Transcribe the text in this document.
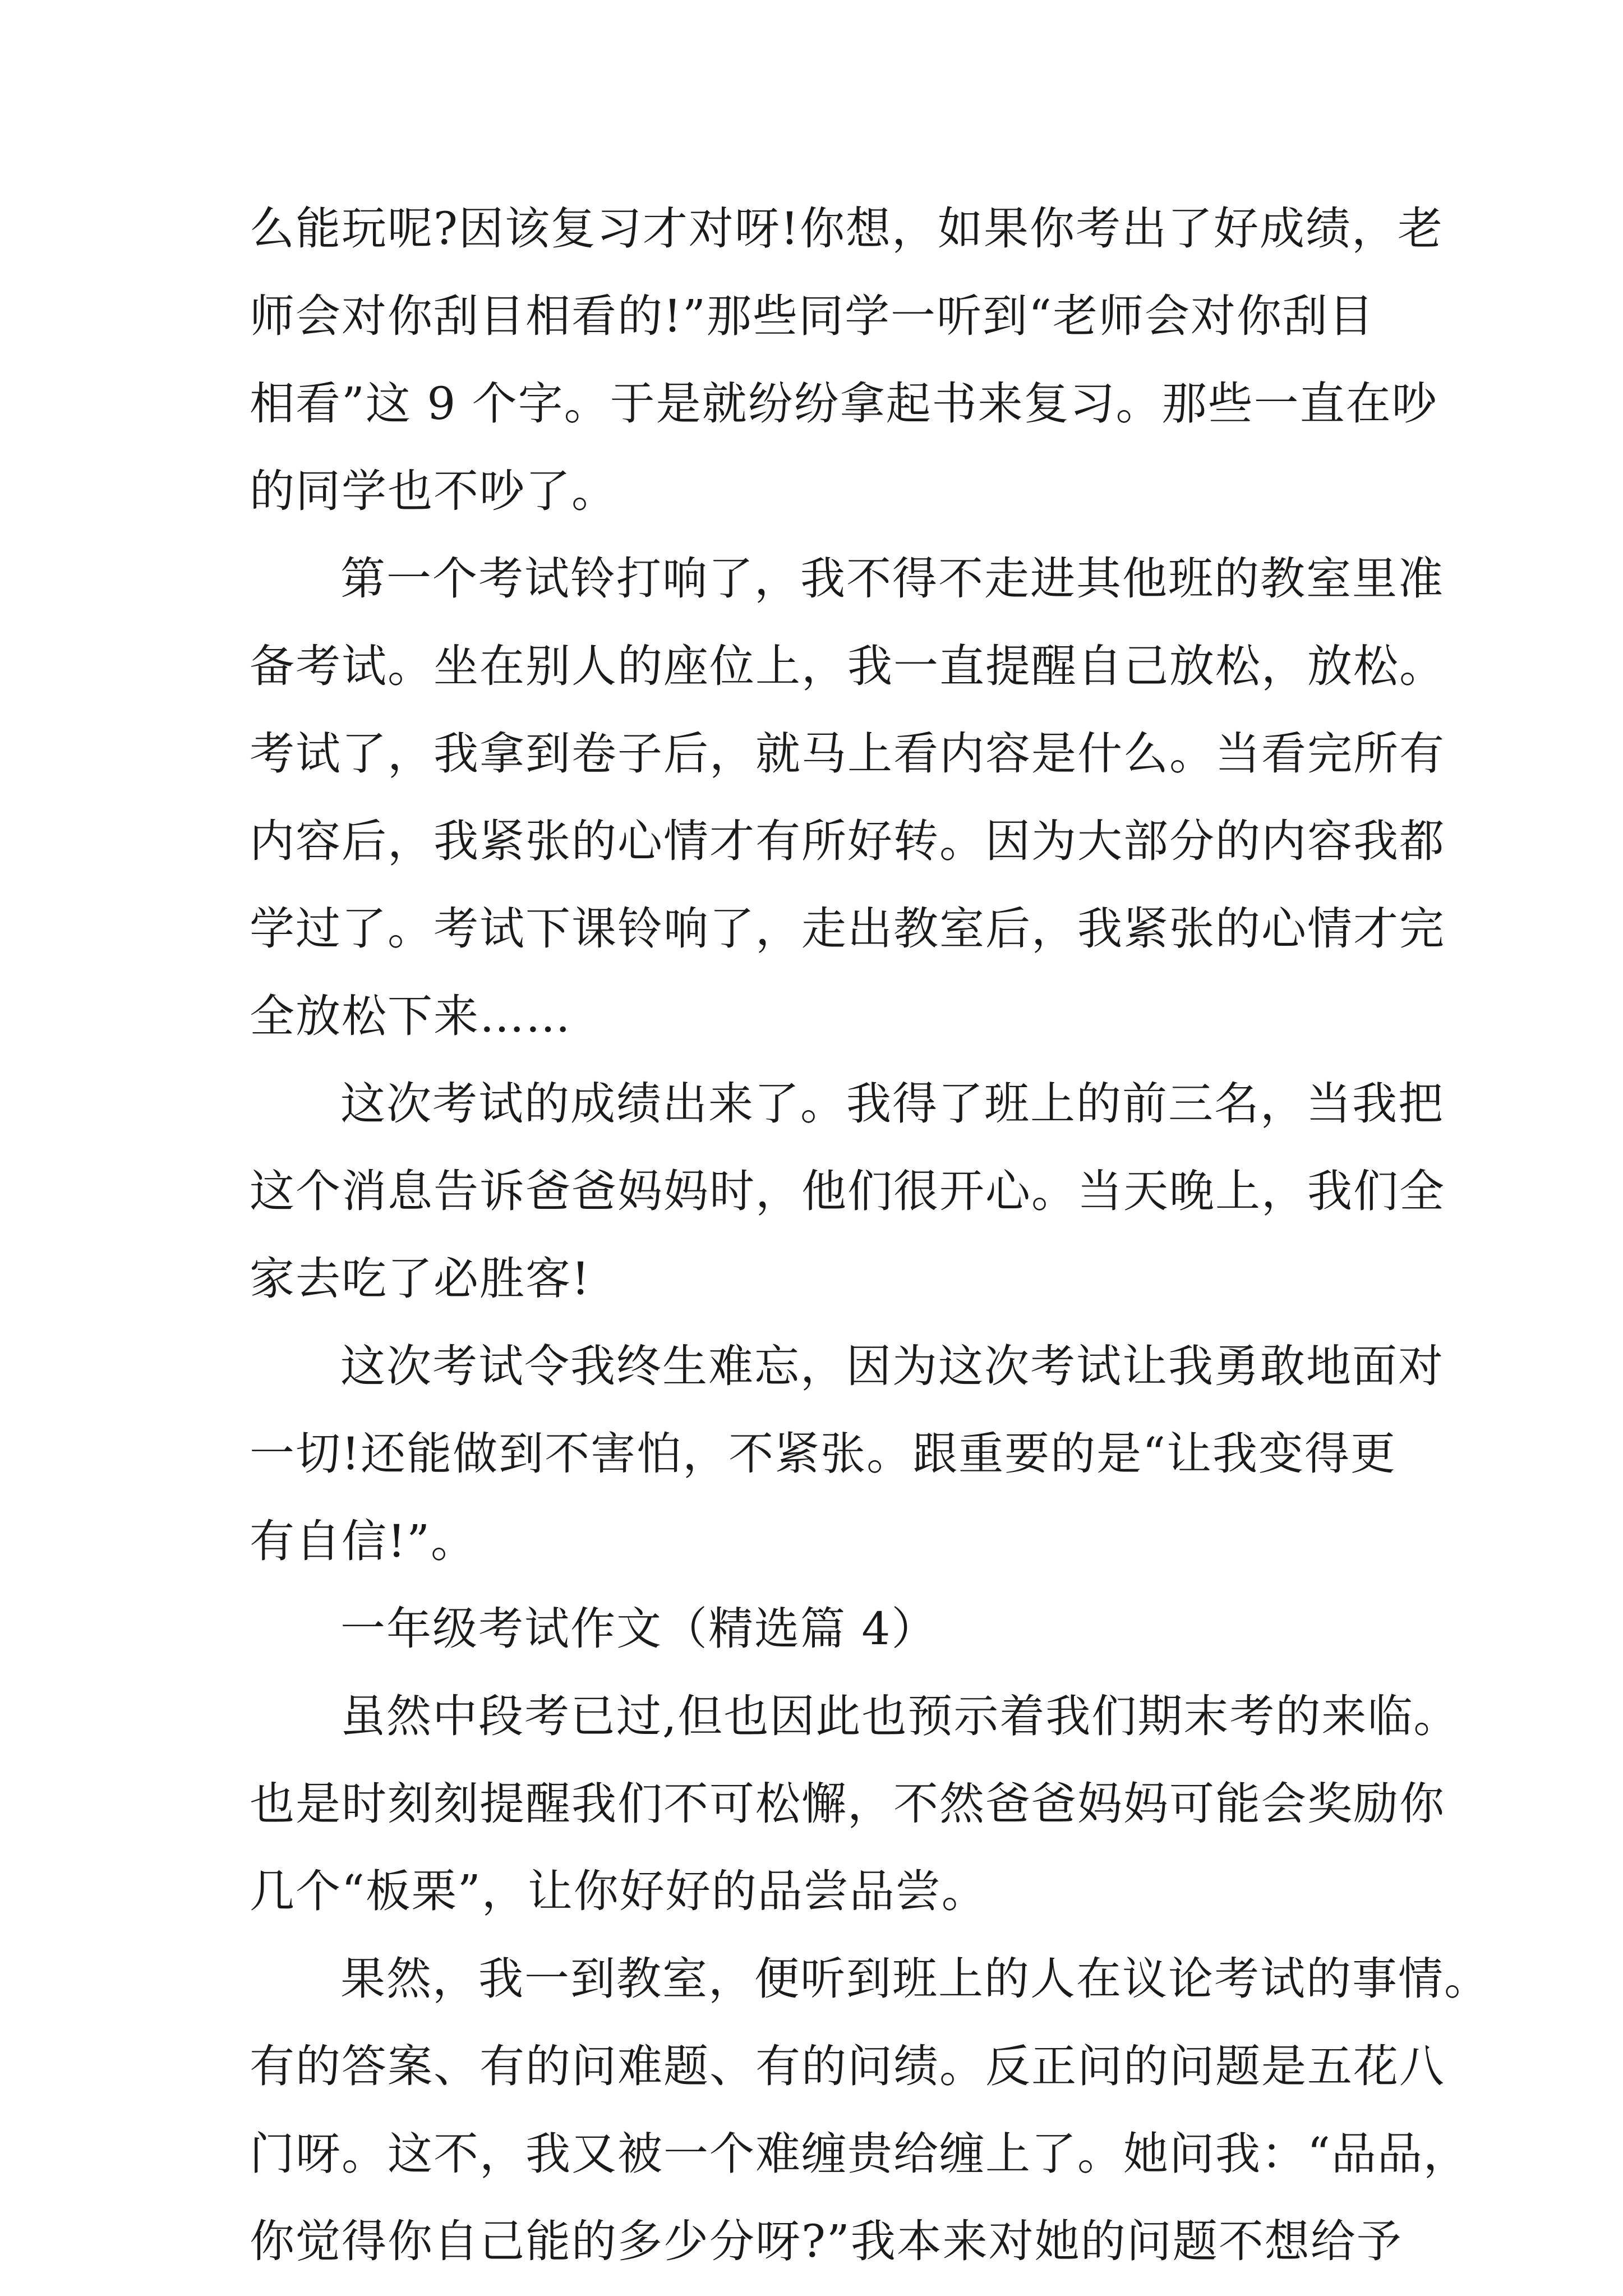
么能玩呢?因该复习才对呀!你想，如果你考出了好成绩，老
师会对你刮目相看的!”那些同学一听到“老师会对你刮目
相看”这 9 个字。于是就纷纷拿起书来复习。那些一直在吵
的同学也不吵了。
第一个考试铃打响了，我不得不走进其他班的教室里准
备考试。坐在别人的座位上，我一直提醒自己放松，放松。
考试了，我拿到卷子后，就马上看内容是什么。当看完所有
内容后，我紧张的心情才有所好转。因为大部分的内容我都
学过了。考试下课铃响了，走出教室后，我紧张的心情才完
全放松下来……
这次考试的成绩出来了。我得了班上的前三名，当我把
这个消息告诉爸爸妈妈时，他们很开心。当天晚上，我们全
家去吃了必胜客!
这次考试令我终生难忘，因为这次考试让我勇敢地面对
一切!还能做到不害怕，不紧张。跟重要的是“让我变得更
有自信!”。
一年级考试作文（精选篇 4）
虽然中段考已过,但也因此也预示着我们期末考的来临。
也是时刻刻提醒我们不可松懈，不然爸爸妈妈可能会奖励你
几个“板栗”，让你好好的品尝品尝。
果然，我一到教室，便听到班上的人在议论考试的事情。
有的答案、有的问难题、有的问绩。反正问的问题是五花八
门呀。这不，我又被一个难缠贵给缠上了。她问我：“品品，
你觉得你自己能的多少分呀?”我本来对她的问题不想给予
